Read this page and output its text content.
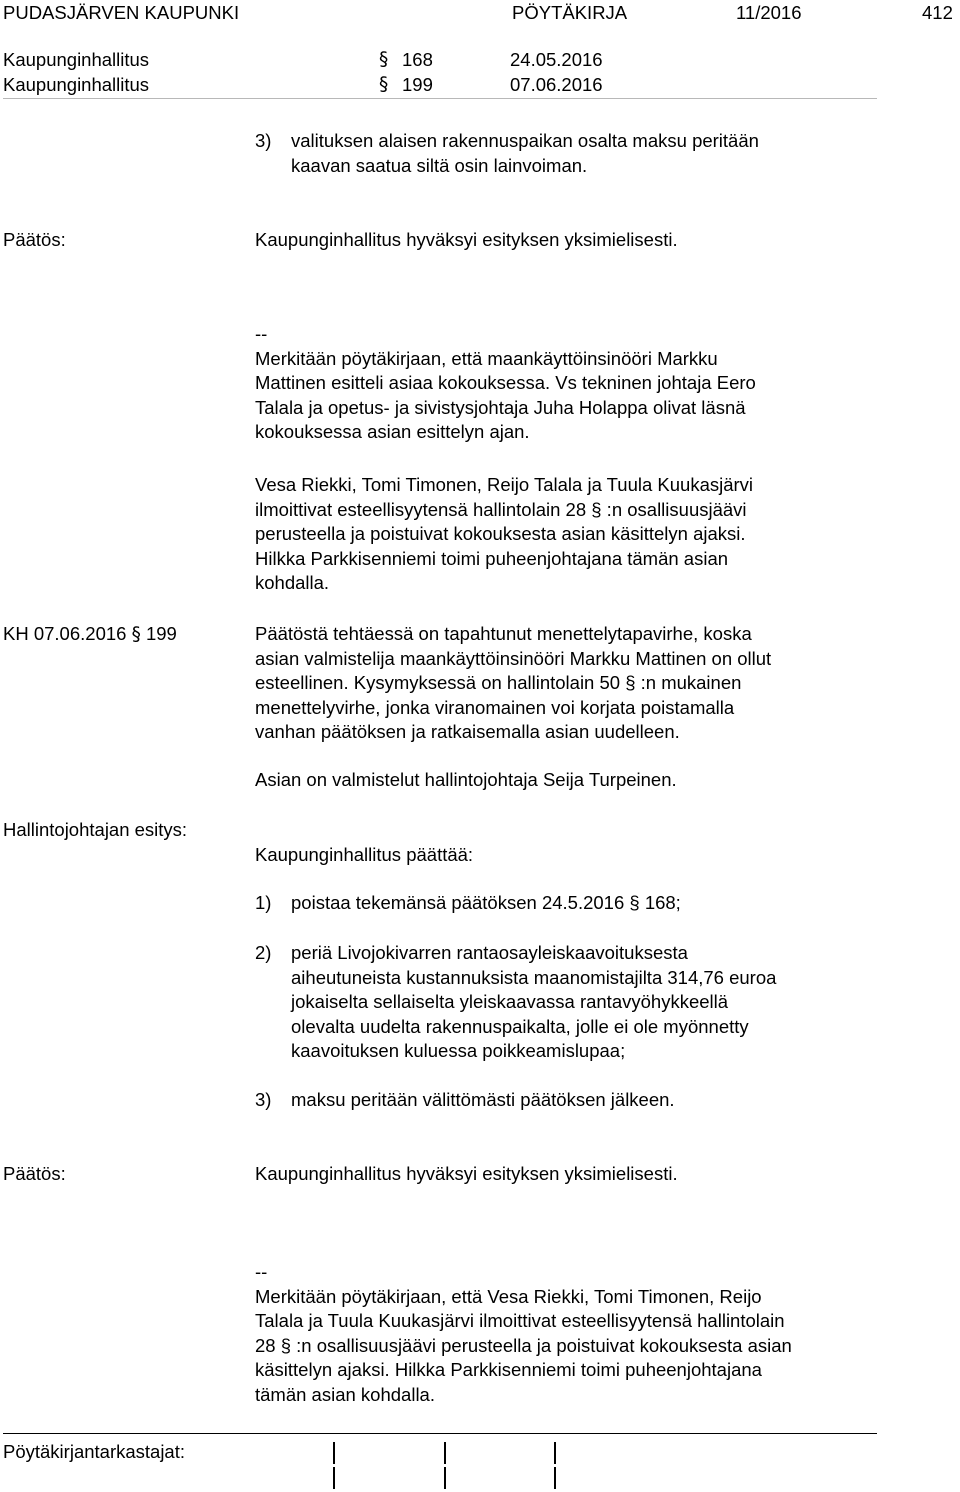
PUDASJÄRVEN KAUPUNKI	PÖYTÄKIRJA	11/2016	412
Kaupunginhallitus	§ 168	24.05.2016
Kaupunginhallitus	§ 199	07.06.2016
3) valituksen alaisen rakennuspaikan osalta maksu peritään
kaavan saatua siltä osin lainvoiman.
Päätös:	Kaupunginhallitus hyväksyi esityksen yksimielisesti.
--
Merkitään pöytäkirjaan, että maankäyttöinsinööri Markku
Mattinen esitteli asiaa kokouksessa. Vs tekninen johtaja Eero
Talala ja opetus- ja sivistysjohtaja Juha Holappa olivat läsnä
kokouksessa asian esittelyn ajan.
Vesa Riekki, Tomi Timonen, Reijo Talala ja Tuula Kuukasjärvi
ilmoittivat esteellisyytensä hallintolain 28 § :n osallisuusjäävi
perusteella ja poistuivat kokouksesta asian käsittelyn ajaksi.
Hilkka Parkkisenniemi toimi puheenjohtajana tämän asian
kohdalla.
KH 07.06.2016 § 199	Päätöstä tehtäessä on tapahtunut menettelytapavirhe, koska
asian valmistelija maankäyttöinsinööri Markku Mattinen on ollut
esteellinen. Kysymyksessä on hallintolain 50 § :n mukainen
menettelyvirhe, jonka viranomainen voi korjata poistamalla
vanhan päätöksen ja ratkaisemalla asian uudelleen.
Asian on valmistelut hallintojohtaja Seija Turpeinen.
Hallintojohtajan esitys:
Kaupunginhallitus päättää:
1) poistaa tekemänsä päätöksen 24.5.2016 § 168;
2) periä Livojokivarren rantaosayleiskaavoituksesta
aiheutuneista kustannuksista maanomistajilta 314,76 euroa
jokaiselta sellaiselta yleiskaavassa rantavyöhykkeellä
olevalta uudelta rakennuspaikalta, jolle ei ole myönnetty
kaavoituksen kuluessa poikkeamislupaa;
3) maksu peritään välittömästi päätöksen jälkeen.
Päätös:	Kaupunginhallitus hyväksyi esityksen yksimielisesti.
--
Merkitään pöytäkirjaan, että Vesa Riekki, Tomi Timonen, Reijo
Talala ja Tuula Kuukasjärvi ilmoittivat esteellisyytensä hallintolain
28 § :n osallisuusjäävi perusteella ja poistuivat kokouksesta asian
käsittelyn ajaksi. Hilkka Parkkisenniemi toimi puheenjohtajana
tämän asian kohdalla.
Pöytäkirjantarkastajat:
